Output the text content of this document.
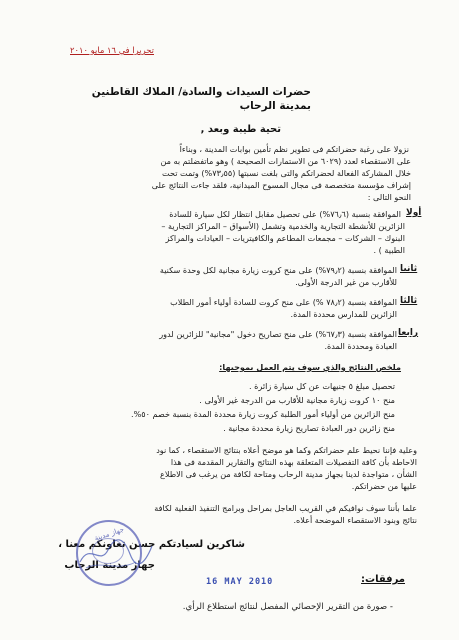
تحريرا في ١٦ مايو ٢٠١٠
حضرات السيدات والسادة/ الملاك القاطنين
بمدينة الرحاب
تحية طيبة وبعد ,
نزولا على رغبة حضراتكم فى تطوير نظم تأمين بوابات المدينة ، وبناءاً
على الاستقصاء لعدد (٦٠٢٩ من الاستمارات الصحيحة ) وهو ماتفضلتم به من
خلال المشاركة الفعالة لحضراتكم والتى بلغت نسبتها (٧٣٫٥٥%) وتمت تحت
إشراف مؤسسة متخصصة فى مجال المسوح الميدانية، فلقد جاءت النتائج على
النحو التالى :
أولا
الموافقة بنسبة (٧٦٫٦%) على تحصيل مقابل انتظار لكل سيارة للسادة
الزائرين للأنشطة التجارية والخدمية وتشمل (الأسواق – المراكز التجارية –
البنوك – الشركات – مجمعات المطاعم والكافيتريات – العيادات والمراكز
الطبية ) .
ثانيا
الموافقة بنسبة (٧٩٫٢%) على منح كروت زيارة مجانية لكل وحدة سكنية
للأقارب من غير الدرجة الأولى.
ثالثا
الموافقة بنسبة (٧٨٫٢ %) على منح كروت للسادة أولياء أمور الطلاب
الزائرين للمدارس محددة المدة.
رابعا
الموافقة بنسبة (٦٧٫٣%) على منح تصاريح دخول "مجانية" للزائرين لدور
العبادة ومحددة المدة.
ملخص النتائج والذي سوف يتم العمل بموجبها:
تحصيل مبلغ ٥ جنيهات عن كل سيارة زائرة .
منح ١٠ كروت زيارة مجانية للأقارب من الدرجة غير الأولى .
منح الزائرين من أولياء أمور الطلبة كروت زيارة محددة المدة بنسبة خصم ٥٠%.
منح زائرين دور العبادة تصاريح زيارة محددة مجانية .
وعلية فإننا نحيط علم حضراتكم وكما هو موضح أعلاه بنتائج الاستقصاء ، كما نود
الاحاطة بأن كافة التفصيلات المتعلقة بهذه النتائج والتقارير المقدمة فى هذا
الشأن ، متواجدة لدينا بجهاز مدينة الرحاب ومتاحة لكافة من يرغب فى الاطلاع
عليها من حضراتكم.
علما بأننا سوف نوافيكم في القريب العاجل بمراحل وبرامج التنفيذ الفعلية لكافة
نتائج وبنود الاستقصاء الموضحة أعلاه.
شاكرين لسيادتكم حسن تعاونكم معنا ،
جهاز مدينة الرحاب
جهاز مدينة
16 MAY 2010	مرفقات:
- صورة من التقرير الإحصائي المفصل لنتائج استطلاع الرأي.
